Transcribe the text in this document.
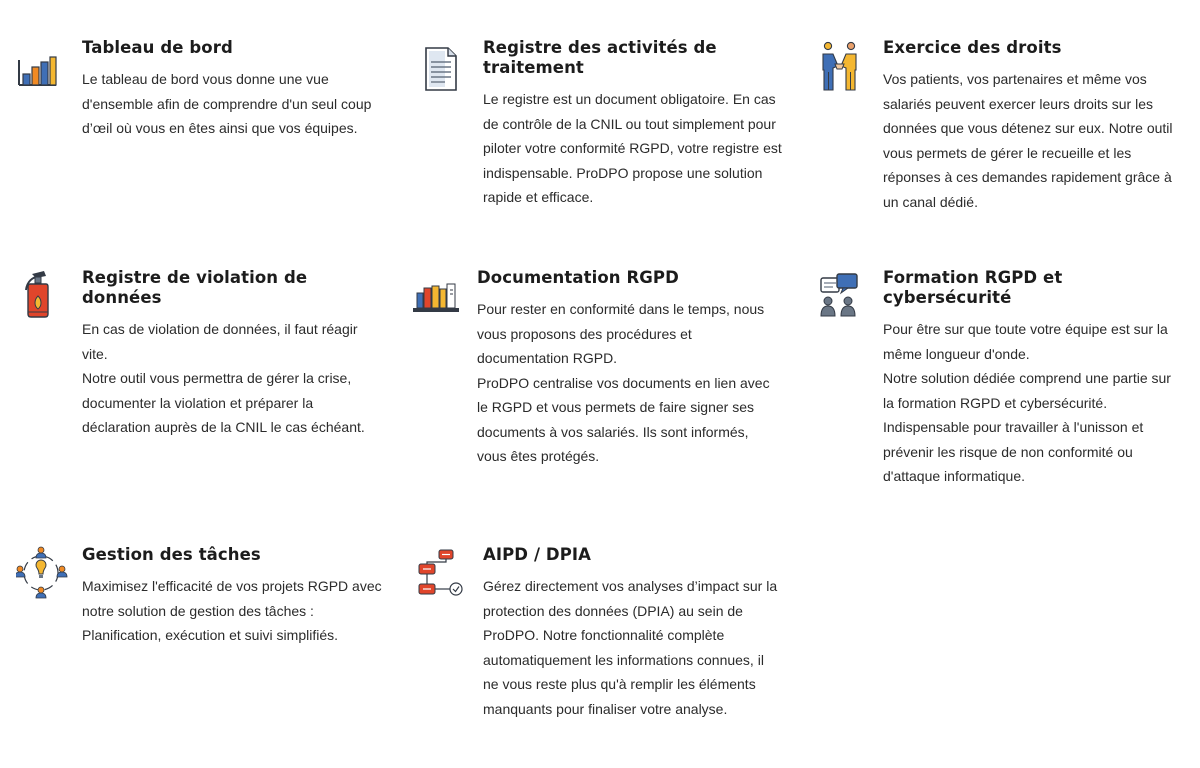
Tableau de bord

Le tableau de bord vous donne une vue d'ensemble afin de comprendre d'un seul coup d’œil où vous en êtes ainsi que vos équipes.

Registre des activités de traitement

Le registre est un document obligatoire. En cas de contrôle de la CNIL ou tout simplement pour piloter votre conformité RGPD, votre registre est indispensable. ProDPO propose une solution rapide et efficace.

Exercice des droits

Vos patients, vos partenaires et même vos salariés peuvent exercer leurs droits sur les données que vous détenez sur eux. Notre outil vous permets de gérer le recueille et les réponses à ces demandes rapidement grâce à un canal dédié.

Registre de violation de données

En cas de violation de données, il faut réagir vite.
Notre outil vous permettra de gérer la crise, documenter la violation et préparer la déclaration auprès de la CNIL le cas échéant.

Documentation RGPD

Pour rester en conformité dans le temps, nous vous proposons des procédures et documentation RGPD.
ProDPO centralise vos documents en lien avec le RGPD et vous permets de faire signer ses documents à vos salariés. Ils sont informés, vous êtes protégés.

Formation RGPD et cybersécurité

Pour être sur que toute votre équipe est sur la même longueur d'onde.
Notre solution dédiée comprend une partie sur la formation RGPD et cybersécurité. Indispensable pour travailler à l'unisson et prévenir les risque de non conformité ou d'attaque informatique.

Gestion des tâches

Maximisez l'efficacité de vos projets RGPD avec notre solution de gestion des tâches : Planification, exécution et suivi simplifiés.

AIPD / DPIA

Gérez directement vos analyses d’impact sur la protection des données (DPIA) au sein de ProDPO. Notre fonctionnalité complète automatiquement les informations connues, il ne vous reste plus qu'à remplir les éléments manquants pour finaliser votre analyse.
